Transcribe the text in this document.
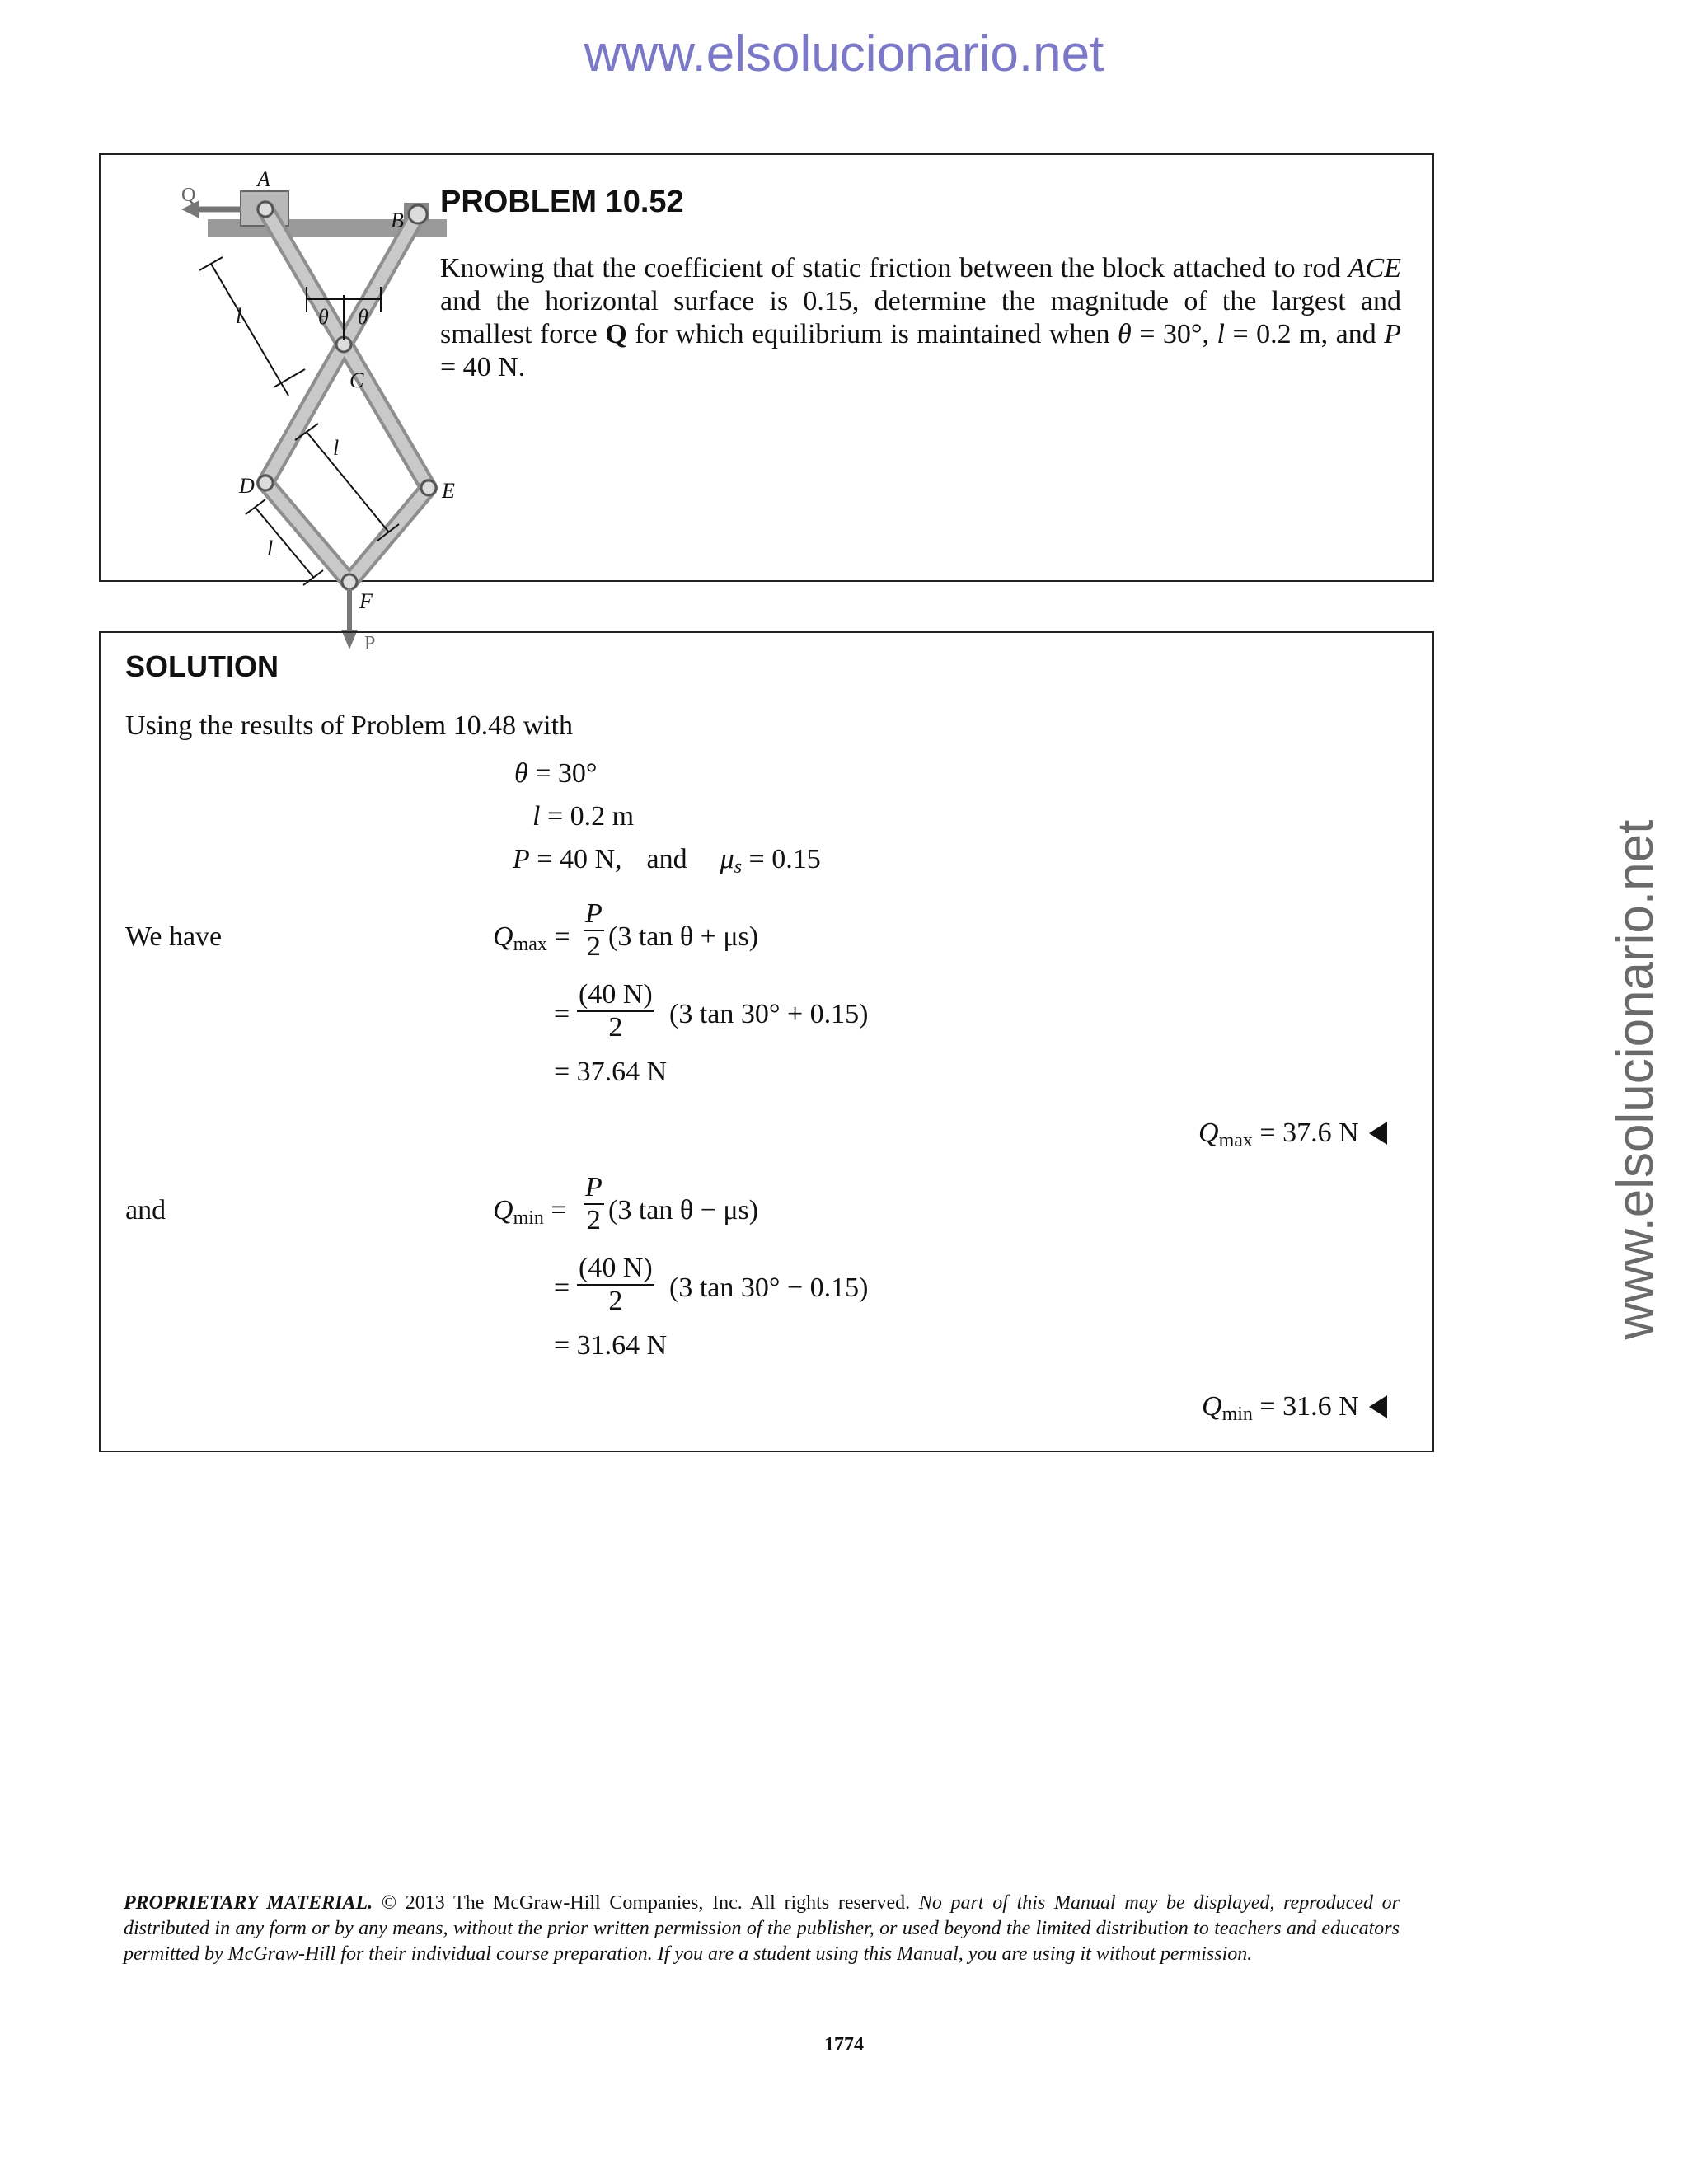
www.elsolucionario.net
www.elsolucionario.net
Q
A
B
C
D	E
F
P
l
l
l
θ θ
PROBLEM 10.52
Knowing that the coefficient of static friction between the block attached to rod ACE and the horizontal surface is 0.15, determine the magnitude of the largest and smallest force Q for which equilibrium is maintained when θ = 30°, l = 0.2 m, and P = 40 N.
SOLUTION
Using the results of Problem 10.48 with
θ = 30°
l = 0.2 m
P = 40 N, and $\mu_s = 0.15$
We have	$Q_{max} = \frac{P}{2} (3$ tan θ + μs)
= $\frac{(40 N)}{2} (3$ tan 30° + 0.15)
= 37.64 N
$Q_{max} = 37.6$ N
and	$Q_{min} = \frac{P}{2} (3$ tan θ − μs)
= $\frac{(40 N)}{2} (3$ tan 30° − 0.15)
= 31.64 N
$Q_{min} = 31.6$ N
PROPRIETARY MATERIAL. © 2013 The McGraw-Hill Companies, Inc. All rights reserved. No part of this Manual may be displayed, reproduced or distributed in any form or by any means, without the prior written permission of the publisher, or used beyond the limited distribution to teachers and educators permitted by McGraw-Hill for their individual course preparation. If you are a student using this Manual, you are using it without permission.
1774
